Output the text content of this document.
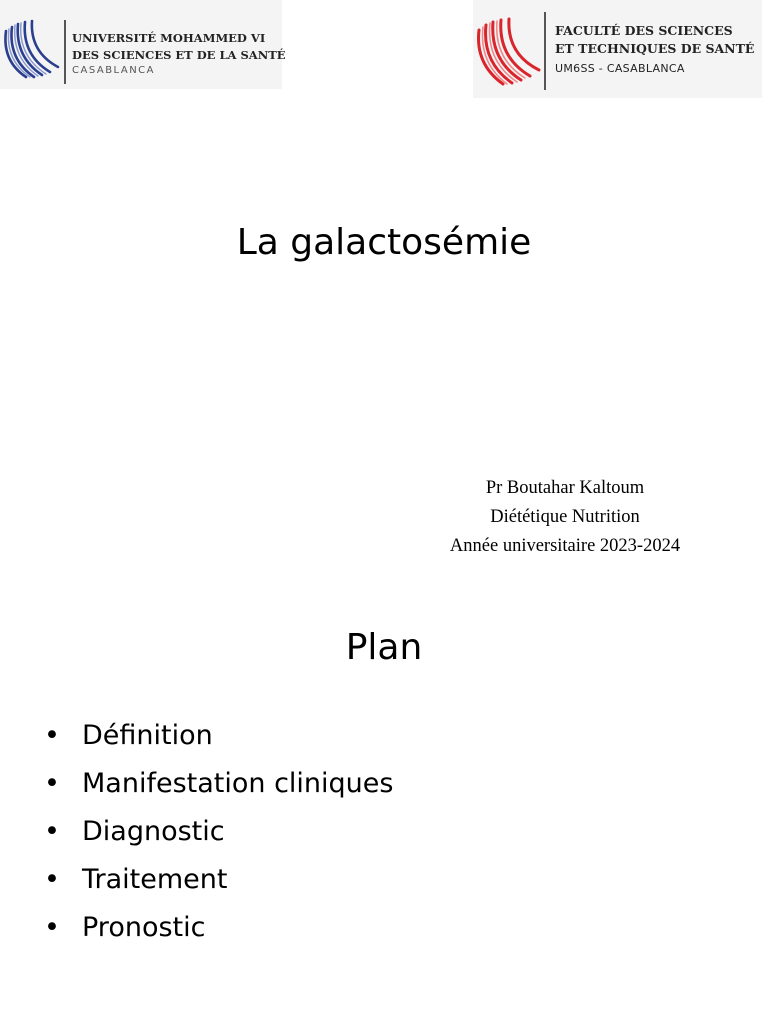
UNIVERSITÉ MOHAMMED VI
DES SCIENCES ET DE LA SANTÉ
CASABLANCA
FACULTÉ DES SCIENCES
ET TECHNIQUES DE SANTÉ
UM6SS - CASABLANCA
La galactosémie
Pr Boutahar Kaltoum
Diététique Nutrition
Année universitaire 2023-2024
Plan
• Définition
• Manifestation cliniques
• Diagnostic
• Traitement
• Pronostic
